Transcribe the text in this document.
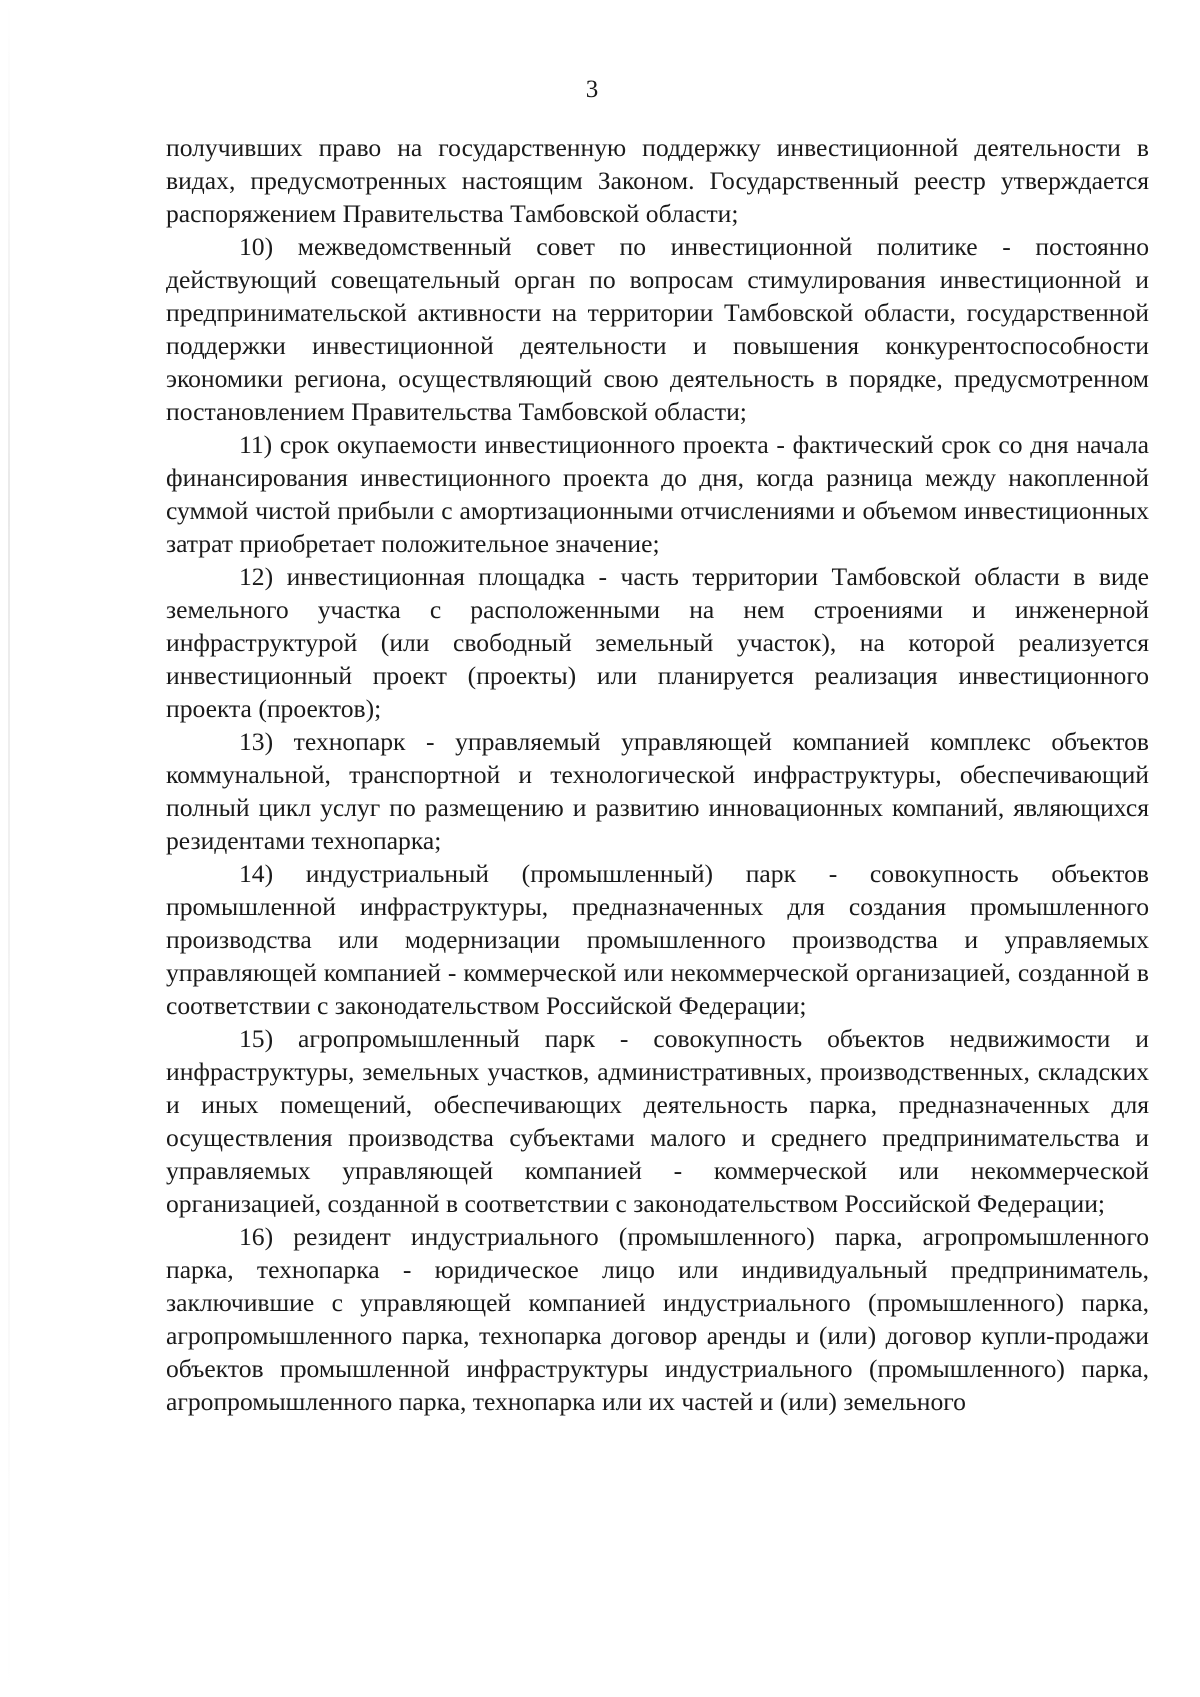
3

получивших право на государственную поддержку инвестиционной деятельности в видах, предусмотренных настоящим Законом. Государственный реестр утверждается распоряжением Правительства Тамбовской области;

10) межведомственный совет по инвестиционной политике - постоянно действующий совещательный орган по вопросам стимулирования инвестиционной и предпринимательской активности на территории Тамбовской области, государственной поддержки инвестиционной деятельности и повышения конкурентоспособности экономики региона, осуществляющий свою деятельность в порядке, предусмотренном постановлением Правительства Тамбовской области;

11) срок окупаемости инвестиционного проекта - фактический срок со дня начала финансирования инвестиционного проекта до дня, когда разница между накопленной суммой чистой прибыли с амортизационными отчислениями и объемом инвестиционных затрат приобретает положительное значение;

12) инвестиционная площадка - часть территории Тамбовской области в виде земельного участка с расположенными на нем строениями и инженерной инфраструктурой (или свободный земельный участок), на которой реализуется инвестиционный проект (проекты) или планируется реализация инвестиционного проекта (проектов);

13) технопарк - управляемый управляющей компанией комплекс объектов коммунальной, транспортной и технологической инфраструктуры, обеспечивающий полный цикл услуг по размещению и развитию инновационных компаний, являющихся резидентами технопарка;

14) индустриальный (промышленный) парк - совокупность объектов промышленной инфраструктуры, предназначенных для создания промышленного производства или модернизации промышленного производства и управляемых управляющей компанией - коммерческой или некоммерческой организацией, созданной в соответствии с законодательством Российской Федерации;

15) агропромышленный парк - совокупность объектов недвижимости и инфраструктуры, земельных участков, административных, производственных, складских и иных помещений, обеспечивающих деятельность парка, предназначенных для осуществления производства субъектами малого и среднего предпринимательства и управляемых управляющей компанией - коммерческой или некоммерческой организацией, созданной в соответствии с законодательством Российской Федерации;

16) резидент индустриального (промышленного) парка, агропромышленного парка, технопарка - юридическое лицо или индивидуальный предприниматель, заключившие с управляющей компанией индустриального (промышленного) парка, агропромышленного парка, технопарка договор аренды и (или) договор купли-продажи объектов промышленной инфраструктуры индустриального (промышленного) парка, агропромышленного парка, технопарка или их частей и (или) земельного
